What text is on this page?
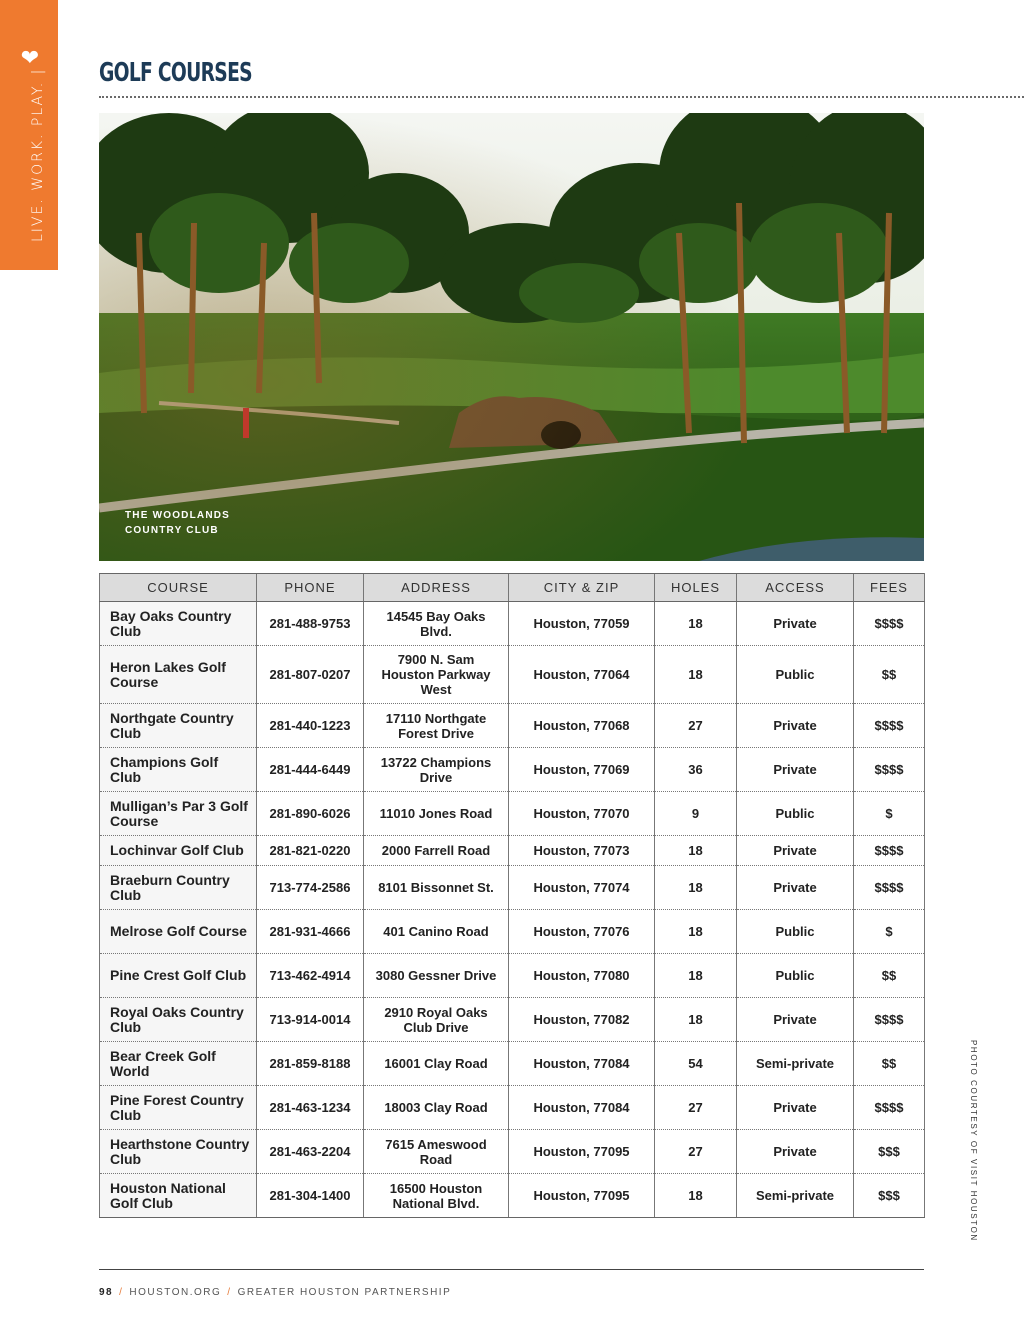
❤
LIVE. WORK. PLAY. | GOLF COURSES
THE WOODLANDS COUNTRY CLUB
COURSE	PHONE	ADDRESS	CITY & ZIP	HOLES	ACCESS	FEES
Bay Oaks Country Club	281-488-9753	14545 Bay Oaks Blvd.	Houston, 77059	18	Private	$$$$
Heron Lakes Golf Course	281-807-0207	7900 N. Sam Houston Parkway West	Houston, 77064	18	Public	$$
Northgate Country Club	281-440-1223	17110 Northgate Forest Drive	Houston, 77068	27	Private	$$$$
Champions Golf Club	281-444-6449	13722 Champions Drive	Houston, 77069	36	Private	$$$$
Mulligan’s Par 3 Golf Course	281-890-6026	11010 Jones Road	Houston, 77070	9	Public	$
Lochinvar Golf Club	281-821-0220	2000 Farrell Road	Houston, 77073	18	Private	$$$$
Braeburn Country Club	713-774-2586	8101 Bissonnet St.	Houston, 77074	18	Private	$$$$
Melrose Golf Course	281-931-4666	401 Canino Road	Houston, 77076	18	Public	$
Pine Crest Golf Club	713-462-4914	3080 Gessner Drive	Houston, 77080	18	Public	$$
Royal Oaks Country Club	713-914-0014	2910 Royal Oaks Club Drive	Houston, 77082	18	Private	$$$$
Bear Creek Golf World	281-859-8188	16001 Clay Road	Houston, 77084	54	Semi-private	$$
Pine Forest Country Club	281-463-1234	18003 Clay Road	Houston, 77084	27	Private	$$$$
Hearthstone Country Club	281-463-2204	7615 Ameswood Road	Houston, 77095	27	Private	$$$
Houston National Golf Club	281-304-1400	16500 Houston National Blvd.	Houston, 77095	18	Semi-private	$$$	PHOTO COURTESY OF VISIT HOUSTON
98 / HOUSTON.ORG / GREATER HOUSTON PARTNERSHIP
